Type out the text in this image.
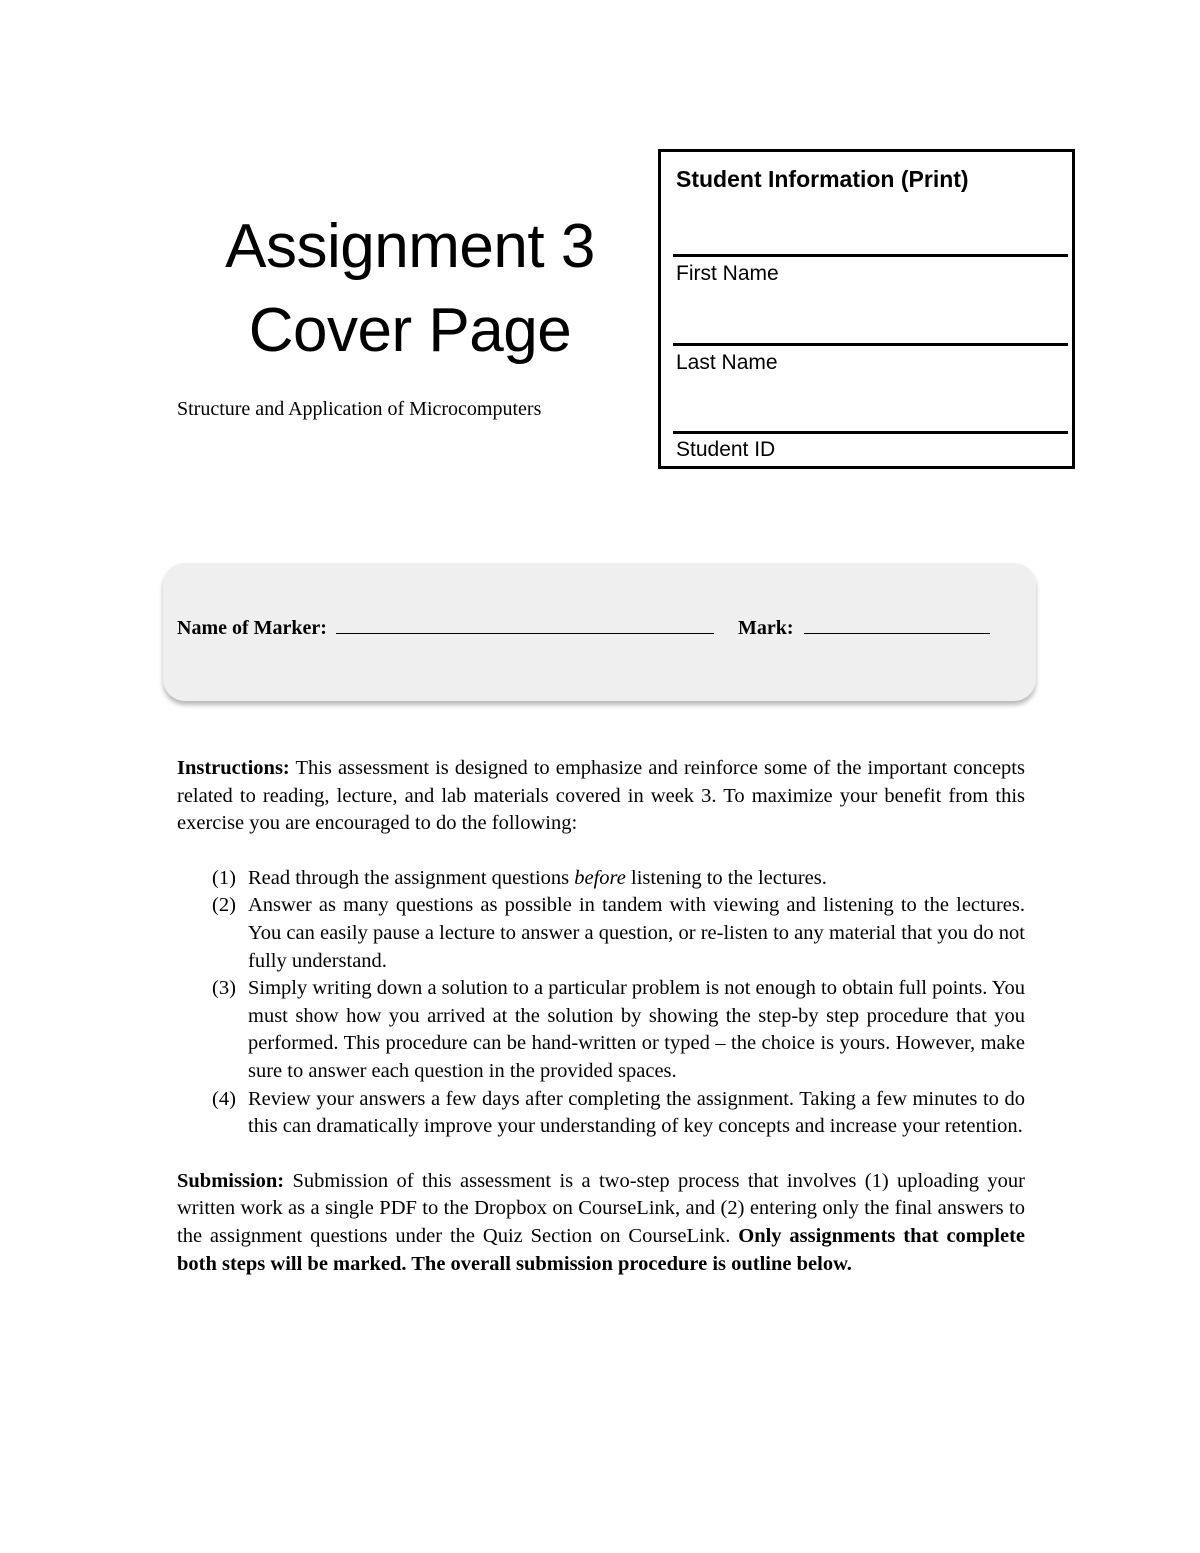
Assignment 3
Cover Page
Structure and Application of Microcomputers
Student Information (Print)
First Name
Last Name
Student ID
Name of Marker:	Mark:

Instructions: This assessment is designed to emphasize and reinforce some of the important concepts related to reading, lecture, and lab materials covered in week 3. To maximize your benefit from this exercise you are encouraged to do the following:

(1) Read through the assignment questions before listening to the lectures.
(2) Answer as many questions as possible in tandem with viewing and listening to the lectures. You can easily pause a lecture to answer a question, or re-listen to any material that you do not fully understand.
(3) Simply writing down a solution to a particular problem is not enough to obtain full points. You must show how you arrived at the solution by showing the step-by step procedure that you performed. This procedure can be hand-written or typed – the choice is yours. However, make sure to answer each question in the provided spaces.
(4) Review your answers a few days after completing the assignment. Taking a few minutes to do this can dramatically improve your understanding of key concepts and increase your retention.

Submission: Submission of this assessment is a two-step process that involves (1) uploading your written work as a single PDF to the Dropbox on CourseLink, and (2) entering only the final answers to the assignment questions under the Quiz Section on CourseLink. Only assignments that complete both steps will be marked. The overall submission procedure is outline below.
